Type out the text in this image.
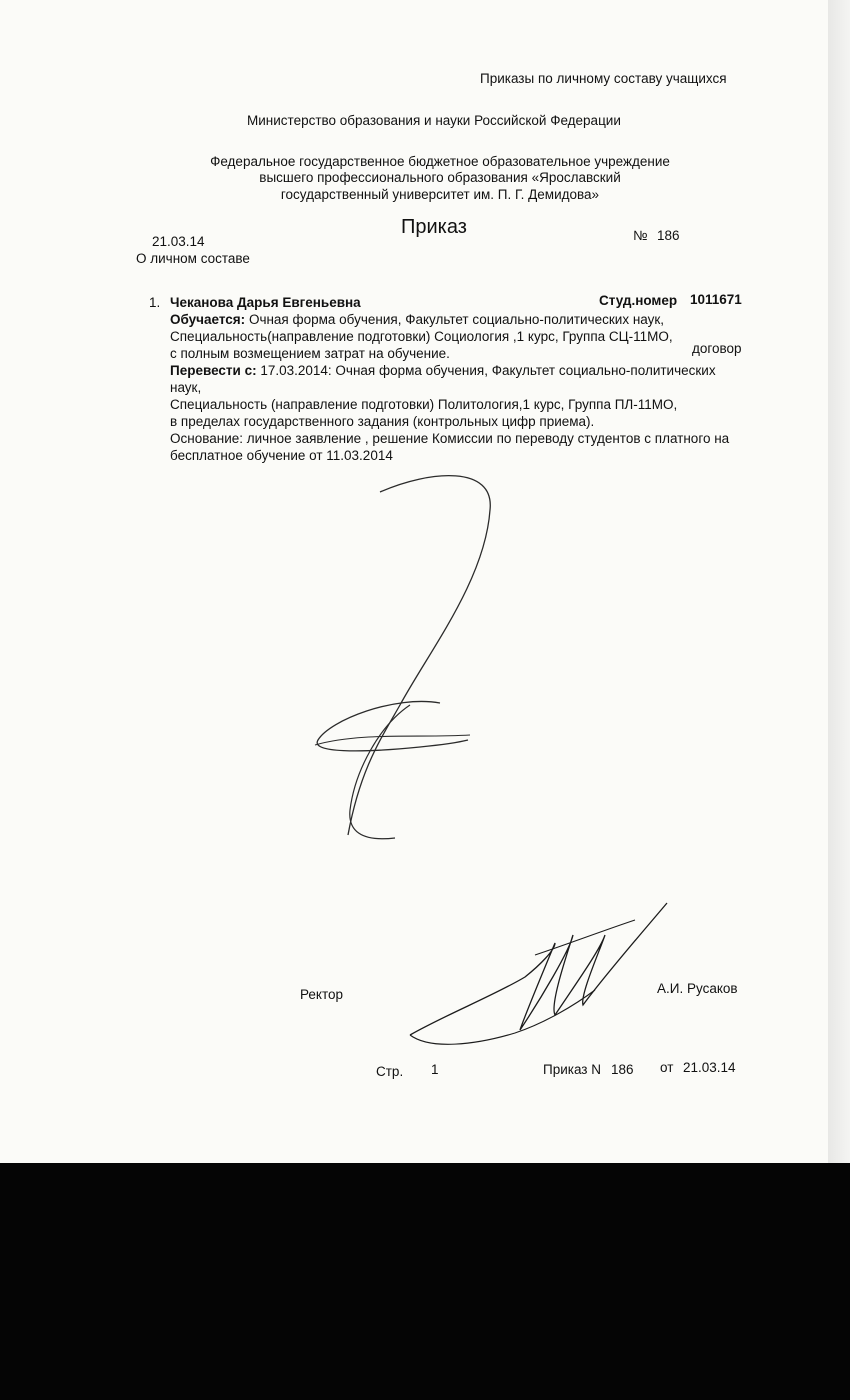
Приказы по личному составу учащихся
Министерство образования и науки Российской Федерации
Федеральное государственное бюджетное образовательное учреждение
высшего профессионального образования «Ярославский
государственный университет им. П. Г. Демидова»
Приказ
21.03.14	№ 186
О личном составе
1. Чеканова Дарья Евгеньевна	Студ.номер 1011671
Обучается: Очная форма обучения, Факультет социально-политических наук,
Специальность(направление подготовки) Социология ,1 курс, Группа СЦ-11МО,
с полным возмещением затрат на обучение.
Перевести с: 17.03.2014: Очная форма обучения, Факультет социально-политических
наук,
Специальность (направление подготовки) Политология,1 курс, Группа ПЛ-11МО,
в пределах государственного задания (контрольных цифр приема).
Основание: личное заявление , решение Комиссии по переводу студентов с платного на
бесплатное обучение от 11.03.2014
договор
Ректор	А.И. Русаков
Стр. 1	Приказ N 186 от 21.03.14
